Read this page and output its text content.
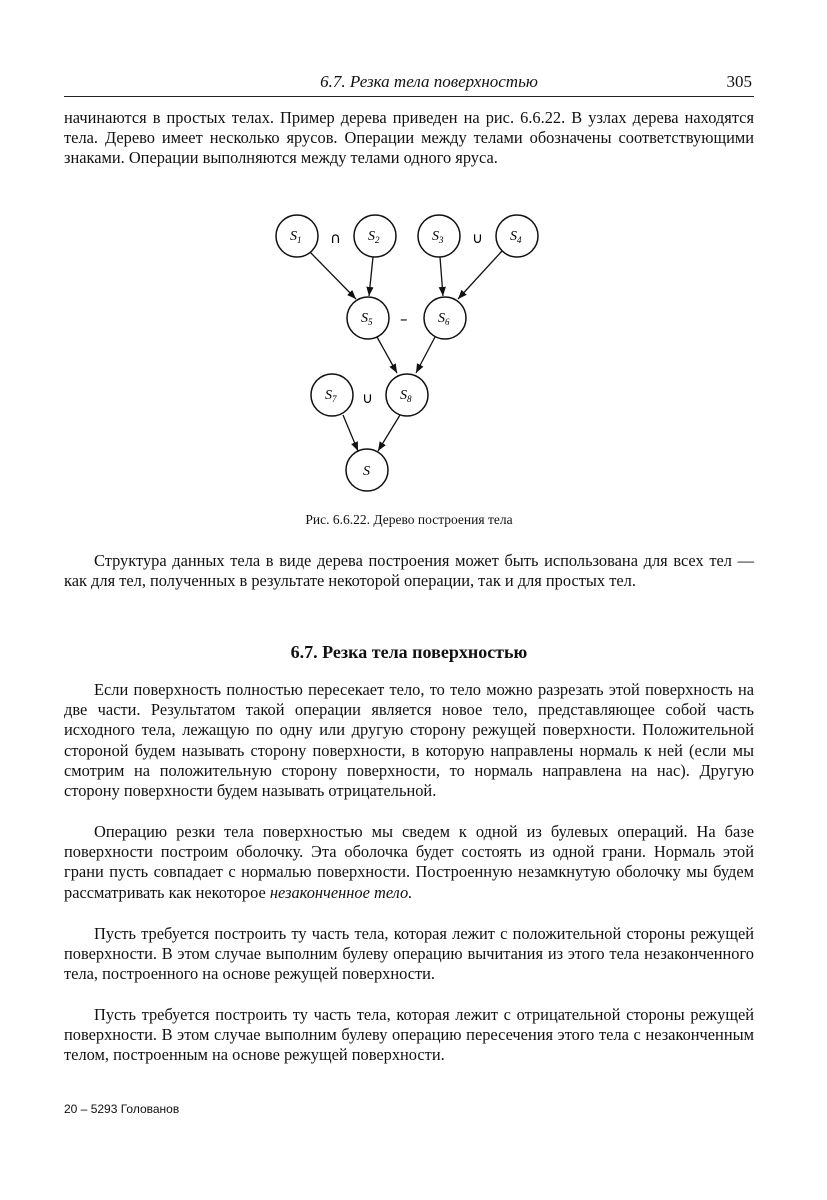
6.7. Резка тела поверхностью	305

начинаются в простых телах. Пример дерева приведен на рис. 6.6.22. В узлах дерева находятся тела. Дерево имеет несколько ярусов. Операции между телами обозначены соответствующими знаками. Операции выполняются между телами одного яруса.

$S_1$	$S_2$	$S_3$	$S_4$
$S_5$	$S_6$
$S_7$	$S_8$
S
∩	∪
–
∪
Рис. 6.6.22. Дерево построения тела

Структура данных тела в виде дерева построения может быть использована для всех тел — как для тел, полученных в результате некоторой операции, так и для простых тел.

6.7. Резка тела поверхностью

Если поверхность полностью пересекает тело, то тело можно разрезать этой поверхность на две части. Результатом такой операции является новое тело, представляющее собой часть исходного тела, лежащую по одну или другую сторону режущей поверхности. Положительной стороной будем называть сторону поверхности, в которую направлены нормаль к ней (если мы смотрим на положительную сторону поверхности, то нормаль направлена на нас). Другую сторону поверхности будем называть отрицательной.

Операцию резки тела поверхностью мы сведем к одной из булевых операций. На базе поверхности построим оболочку. Эта оболочка будет состоять из одной грани. Нормаль этой грани пусть совпадает с нормалью поверхности. Построенную незамкнутую оболочку мы будем рассматривать как некоторое незаконченное тело.

Пусть требуется построить ту часть тела, которая лежит с положительной стороны режущей поверхности. В этом случае выполним булеву операцию вычитания из этого тела незаконченного тела, построенного на основе режущей поверхности.

Пусть требуется построить ту часть тела, которая лежит с отрицательной стороны режущей поверхности. В этом случае выполним булеву операцию пересечения этого тела с незаконченным телом, построенным на основе режущей поверхности.

20 – 5293 Голованов
